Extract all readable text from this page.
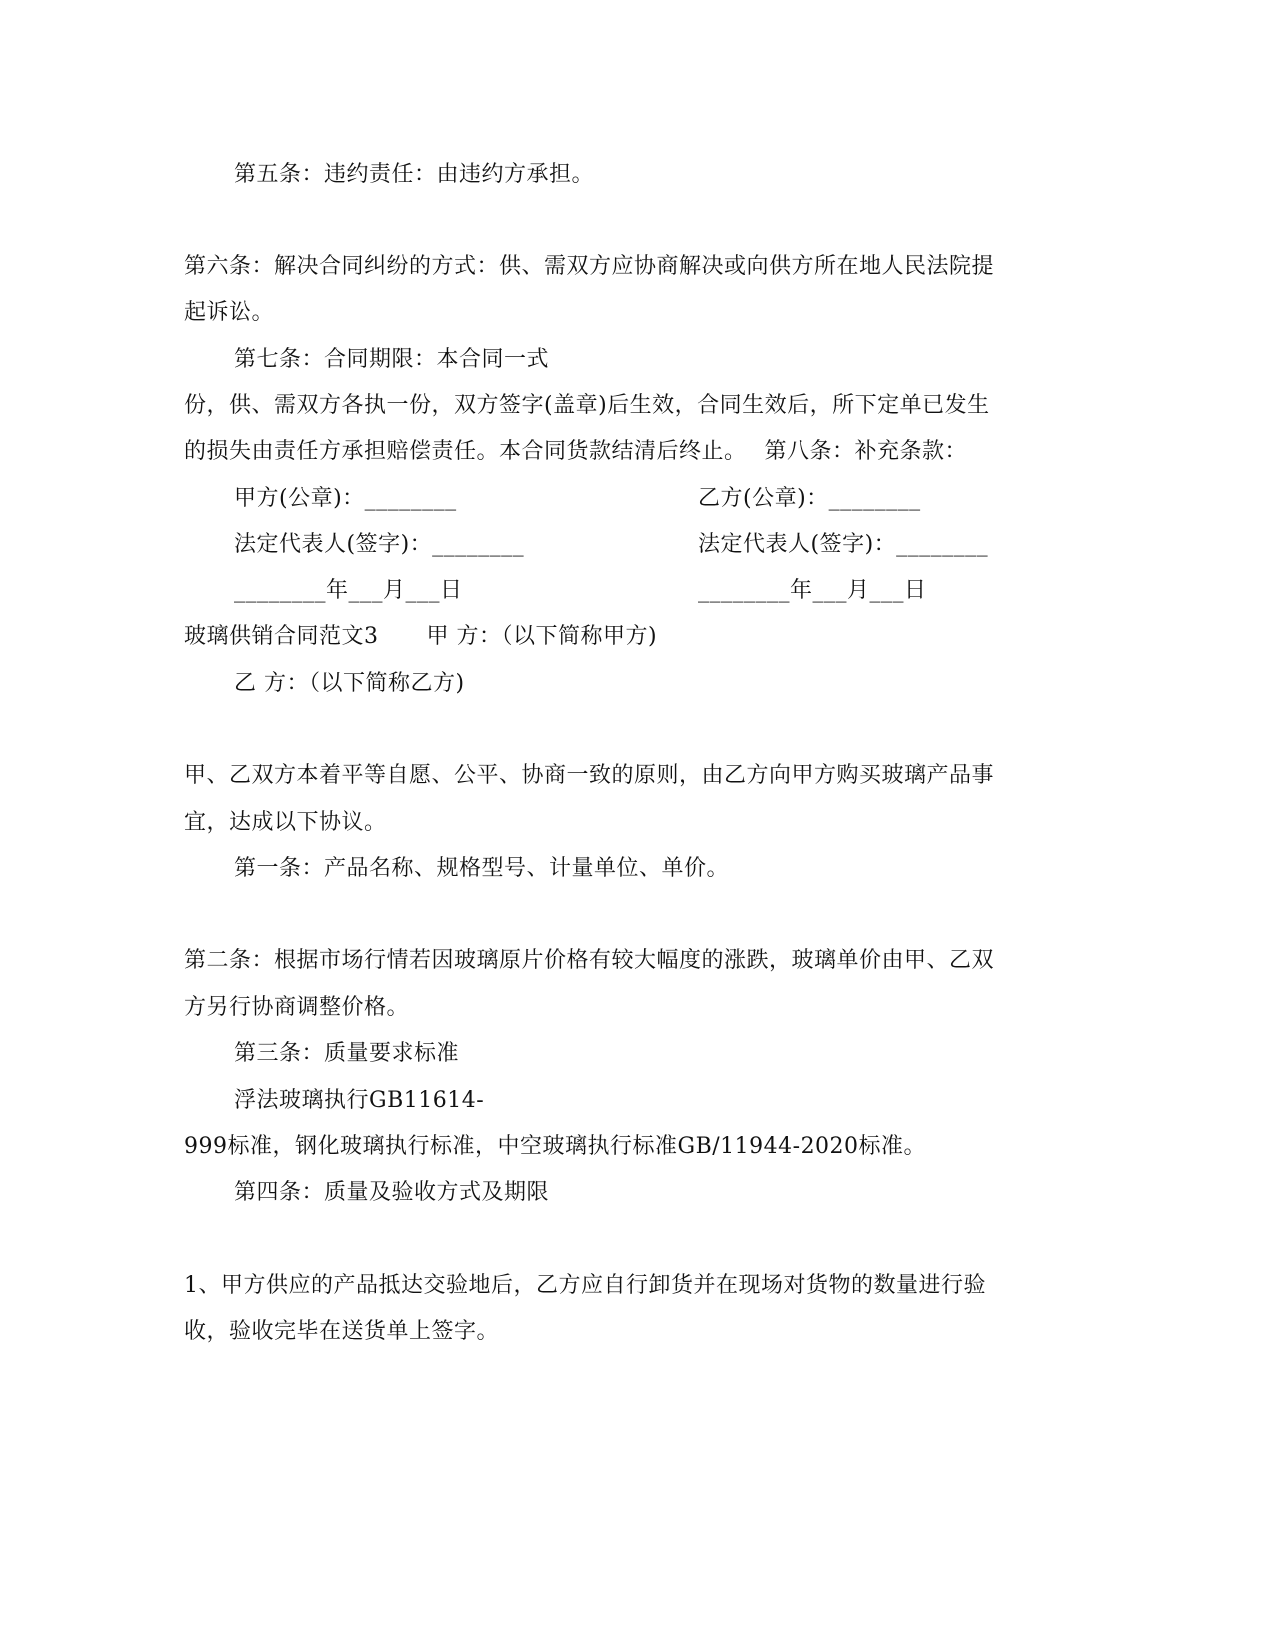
第五条：违约责任：由违约方承担。
第六条：解决合同纠纷的方式：供、需双方应协商解决或向供方所在地人民法院提
起诉讼。
第七条：合同期限：本合同一式
份，供、需双方各执一份，双方签字(盖章)后生效，合同生效后，所下定单已发生
的损失由责任方承担赔偿责任。本合同货款结清后终止。 第八条：补充条款：
甲方(公章)：________	乙方(公章)：________
法定代表人(签字)：________	法定代表人(签字)：________
________年___月___日	________年___月___日
玻璃供销合同范文3 甲 方：（以下简称甲方)
乙 方：（以下简称乙方)
甲、乙双方本着平等自愿、公平、协商一致的原则，由乙方向甲方购买玻璃产品事
宜，达成以下协议。
第一条：产品名称、规格型号、计量单位、单价。
第二条：根据市场行情若因玻璃原片价格有较大幅度的涨跌，玻璃单价由甲、乙双
方另行协商调整价格。
第三条：质量要求标准
浮法玻璃执行GB11614-
999标准，钢化玻璃执行标准，中空玻璃执行标准GB/11944-2020标准。
第四条：质量及验收方式及期限
1、甲方供应的产品抵达交验地后，乙方应自行卸货并在现场对货物的数量进行验
收，验收完毕在送货单上签字。
